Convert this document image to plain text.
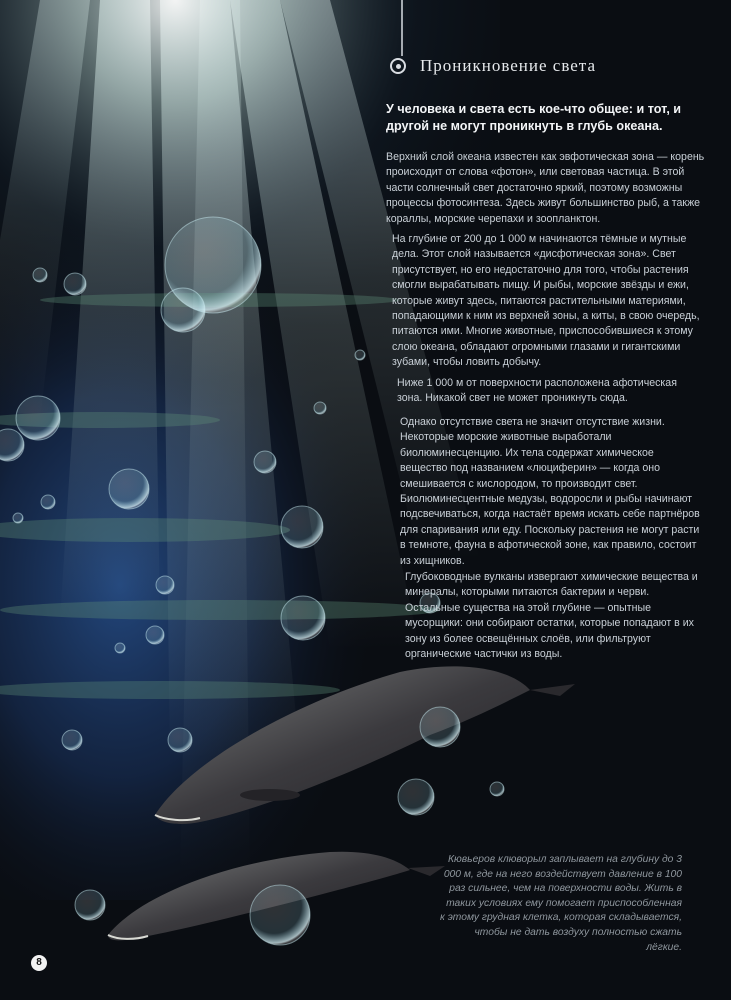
Проникновение света
У человека и света есть кое-что общее: и тот, и другой не могут проникнуть в глубь океана.
Верхний слой океана известен как эвфотическая зона — корень происходит от слова «фотон», или световая частица. В этой части солнечный свет достаточно яркий, поэтому возможны процессы фотосинтеза. Здесь живут большинство рыб, а также кораллы, морские черепахи и зоопланктон.
На глубине от 200 до 1 000 м начинаются тёмные и мутные дела. Этот слой называется «дисфотическая зона». Свет присутствует, но его недостаточно для того, чтобы растения смогли вырабатывать пищу. И рыбы, морские звёзды и ежи, которые живут здесь, питаются растительными материями, попадающими к ним из верхней зоны, а киты, в свою очередь, питаются ими. Многие животные, приспособившиеся к этому слою океана, обладают огромными глазами и гигантскими зубами, чтобы ловить добычу.
Ниже 1 000 м от поверхности расположена афотическая зона. Никакой свет не может проникнуть сюда.
Однако отсутствие света не значит отсутствие жизни. Некоторые морские животные выработали биолюминесценцию. Их тела содержат химическое вещество под названием «люциферин» — когда оно смешивается с кислородом, то производит свет. Биолюминесцентные медузы, водоросли и рыбы начинают подсвечиваться, когда настаёт время искать себе партнёров для спаривания или еду. Поскольку растения не могут расти в темноте, фауна в афотической зоне, как правило, состоит из хищников.
Глубоководные вулканы извергают химические вещества и минералы, которыми питаются бактерии и черви. Остальные существа на этой глубине — опытные мусорщики: они собирают остатки, которые попадают в их зону из более освещённых слоёв, или фильтруют органические частички из воды.
Кювьеров клюворыл заплывает на глубину до 3 000 м, где на него воздействует давление в 100 раз сильнее, чем на поверхности воды. Жить в таких условиях ему помогает приспособленная к этому грудная клетка, которая складывается, чтобы не дать воздуху полностью сжать лёгкие.
8
